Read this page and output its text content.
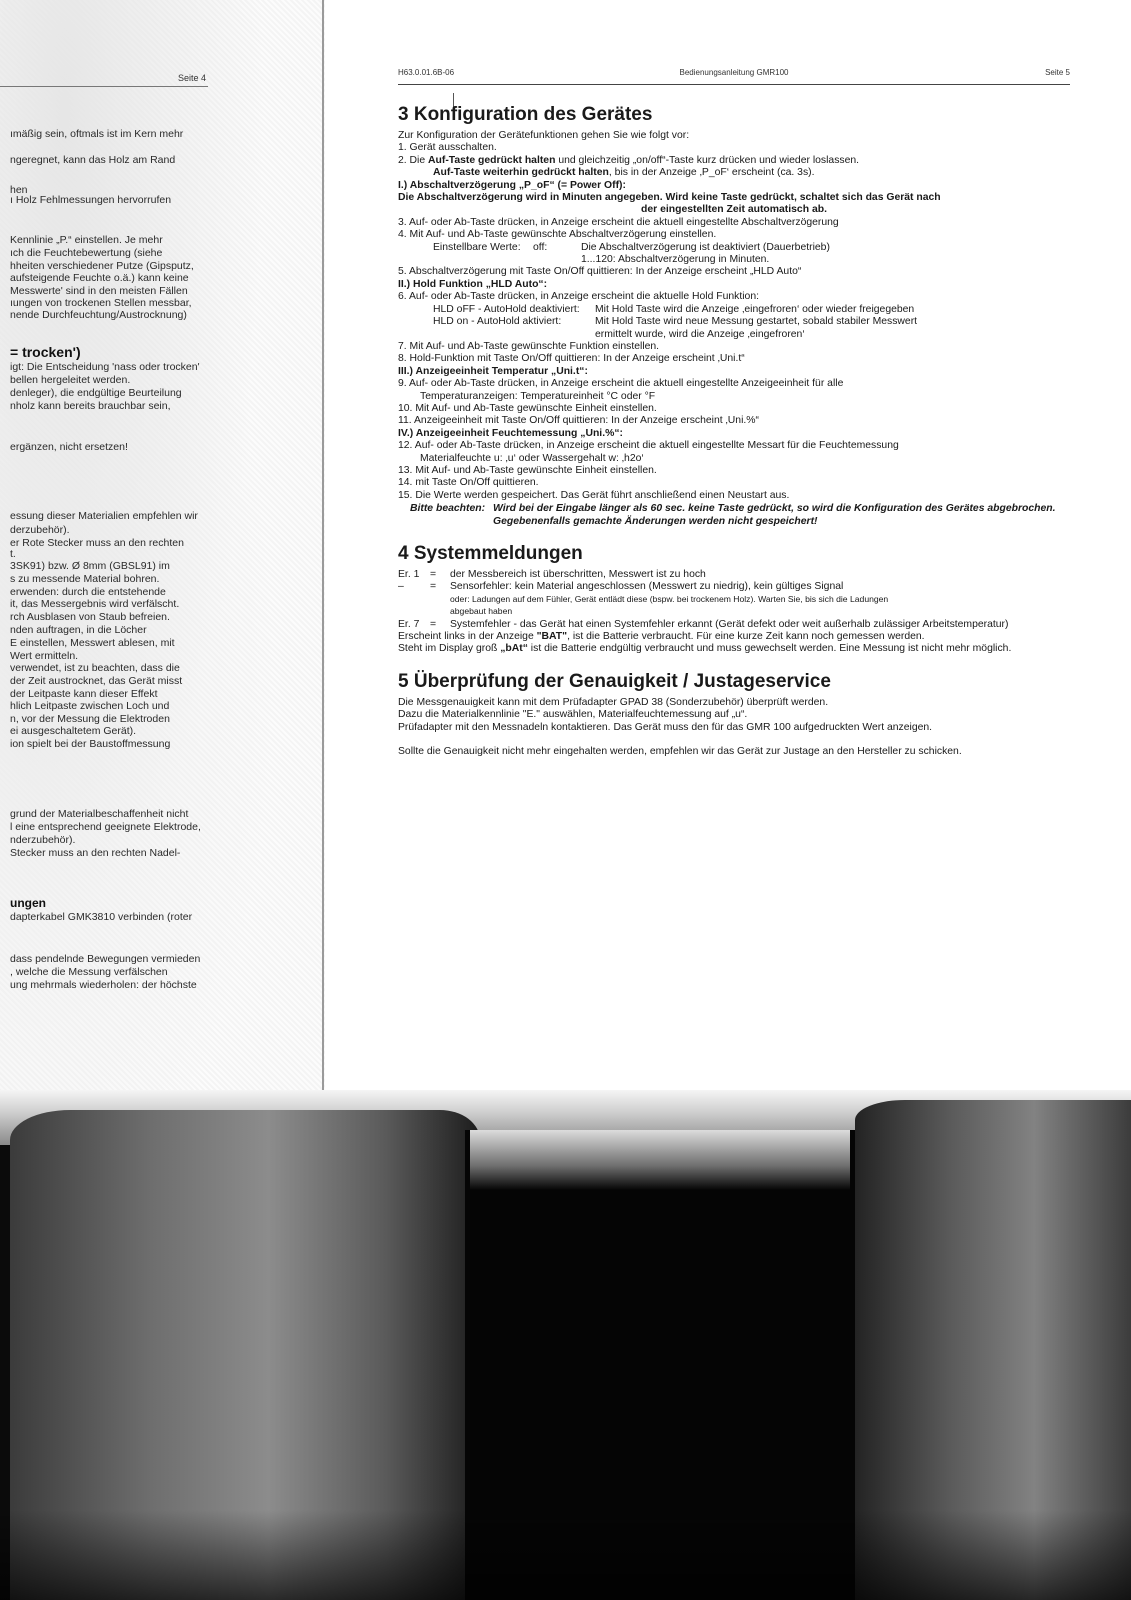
Seite 4
ımäßig sein, oftmals ist im Kern mehr
ngeregnet, kann das Holz am Rand
hen
ı Holz Fehlmessungen hervorrufen
Kennlinie „P.“ einstellen. Je mehr
ıch die Feuchtebewertung (siehe
hheiten verschiedener Putze (Gipsputz,
aufsteigende Feuchte o.ä.) kann keine
Messwerte' sind in den meisten Fällen
ıungen von trockenen Stellen messbar,
nende Durchfeuchtung/Austrocknung)
= trocken')
igt: Die Entscheidung 'nass oder trocken'
bellen hergeleitet werden.
denleger), die endgültige Beurteilung
nholz kann bereits brauchbar sein,
ergänzen, nicht ersetzen!
essung dieser Materialien empfehlen wir
derzubehör).
er Rote Stecker muss an den rechten
t.
3SK91) bzw. Ø 8mm (GBSL91) im
s zu messende Material bohren.
erwenden: durch die entstehende
it, das Messergebnis wird verfälscht.
rch Ausblasen von Staub befreien.
nden auftragen, in die Löcher
E einstellen, Messwert ablesen, mit
Wert ermitteln.
verwendet, ist zu beachten, dass die
der Zeit austrocknet, das Gerät misst
der Leitpaste kann dieser Effekt
hlich Leitpaste zwischen Loch und
n, vor der Messung die Elektroden
ei ausgeschaltetem Gerät).
ion spielt bei der Baustoffmessung
grund der Materialbeschaffenheit nicht
l eine entsprechend geeignete Elektrode,
nderzubehör).
Stecker muss an den rechten Nadel-
ungen
dapterkabel GMK3810 verbinden (roter
dass pendelnde Bewegungen vermieden
, welche die Messung verfälschen
ung mehrmals wiederholen: der höchste
H63.0.01.6B-06	Bedienungsanleitung GMR100	Seite 5
3 Konfiguration des Gerätes

Zur Konfiguration der Gerätefunktionen gehen Sie wie folgt vor:

1. Gerät ausschalten.

2. Die Auf-Taste gedrückt halten und gleichzeitig „on/off“-Taste kurz drücken und wieder loslassen.

Auf-Taste weiterhin gedrückt halten, bis in der Anzeige ‚P_oF‘ erscheint (ca. 3s).

I.) Abschaltverzögerung „P_oF“ (= Power Off):

Die Abschaltverzögerung wird in Minuten angegeben. Wird keine Taste gedrückt, schaltet sich das Gerät nach

der eingestellten Zeit automatisch ab.

3. Auf- oder Ab-Taste drücken, in Anzeige erscheint die aktuell eingestellte Abschaltverzögerung

4. Mit Auf- und Ab-Taste gewünschte Abschaltverzögerung einstellen.

Einstellbare Werte:	off:	Die Abschaltverzögerung ist deaktiviert (Dauerbetrieb)

1...120: Abschaltverzögerung in Minuten.

5. Abschaltverzögerung mit Taste On/Off quittieren: In der Anzeige erscheint „HLD Auto“

II.) Hold Funktion „HLD Auto“:

6. Auf- oder Ab-Taste drücken, in Anzeige erscheint die aktuelle Hold Funktion:

HLD oFF - AutoHold deaktiviert:	Mit Hold Taste wird die Anzeige ‚eingefroren‘ oder wieder freigegeben
HLD on - AutoHold aktiviert:	Mit Hold Taste wird neue Messung gestartet, sobald stabiler Messwert

ermittelt wurde, wird die Anzeige ‚eingefroren‘

7. Mit Auf- und Ab-Taste gewünschte Funktion einstellen.

8. Hold-Funktion mit Taste On/Off quittieren: In der Anzeige erscheint ‚Uni.t“

III.) Anzeigeeinheit Temperatur „Uni.t“:

9. Auf- oder Ab-Taste drücken, in Anzeige erscheint die aktuell eingestellte Anzeigeeinheit für alle

Temperaturanzeigen: Temperatureinheit °C oder °F

10. Mit Auf- und Ab-Taste gewünschte Einheit einstellen.

11. Anzeigeeinheit mit Taste On/Off quittieren: In der Anzeige erscheint ‚Uni.%“

IV.) Anzeigeeinheit Feuchtemessung „Uni.%“:

12. Auf- oder Ab-Taste drücken, in Anzeige erscheint die aktuell eingestellte Messart für die Feuchtemessung

Materialfeuchte u: ‚u‘ oder Wassergehalt w: ‚h2o‘

13. Mit Auf- und Ab-Taste gewünschte Einheit einstellen.

14. mit Taste On/Off quittieren.

15. Die Werte werden gespeichert. Das Gerät führt anschließend einen Neustart aus.

Bitte beachten: Wird bei der Eingabe länger als 60 sec. keine Taste gedrückt, so wird die Konfiguration des Gerätes abgebrochen. Gegebenenfalls gemachte Änderungen werden nicht gespeichert!
4 Systemmeldungen
Er. 1	=	der Messbereich ist überschritten, Messwert ist zu hoch
–	=	Sensorfehler: kein Material angeschlossen (Messwert zu niedrig), kein gültiges Signal
oder: Ladungen auf dem Fühler, Gerät entlädt diese (bspw. bei trockenem Holz). Warten Sie, bis sich die Ladungen
abgebaut haben
Er. 7	=	Systemfehler - das Gerät hat einen Systemfehler erkannt (Gerät defekt oder weit außerhalb zulässiger Arbeitstemperatur)

Erscheint links in der Anzeige "BAT", ist die Batterie verbraucht. Für eine kurze Zeit kann noch gemessen werden.

Steht im Display groß „bAt“ ist die Batterie endgültig verbraucht und muss gewechselt werden. Eine Messung ist nicht mehr möglich.

5 Überprüfung der Genauigkeit / Justageservice

Die Messgenauigkeit kann mit dem Prüfadapter GPAD 38 (Sonderzubehör) überprüft werden.

Dazu die Materialkennlinie "E." auswählen, Materialfeuchtemessung auf „u“.

Prüfadapter mit den Messnadeln kontaktieren. Das Gerät muss den für das GMR 100 aufgedruckten Wert anzeigen.

Sollte die Genauigkeit nicht mehr eingehalten werden, empfehlen wir das Gerät zur Justage an den Hersteller zu schicken.
